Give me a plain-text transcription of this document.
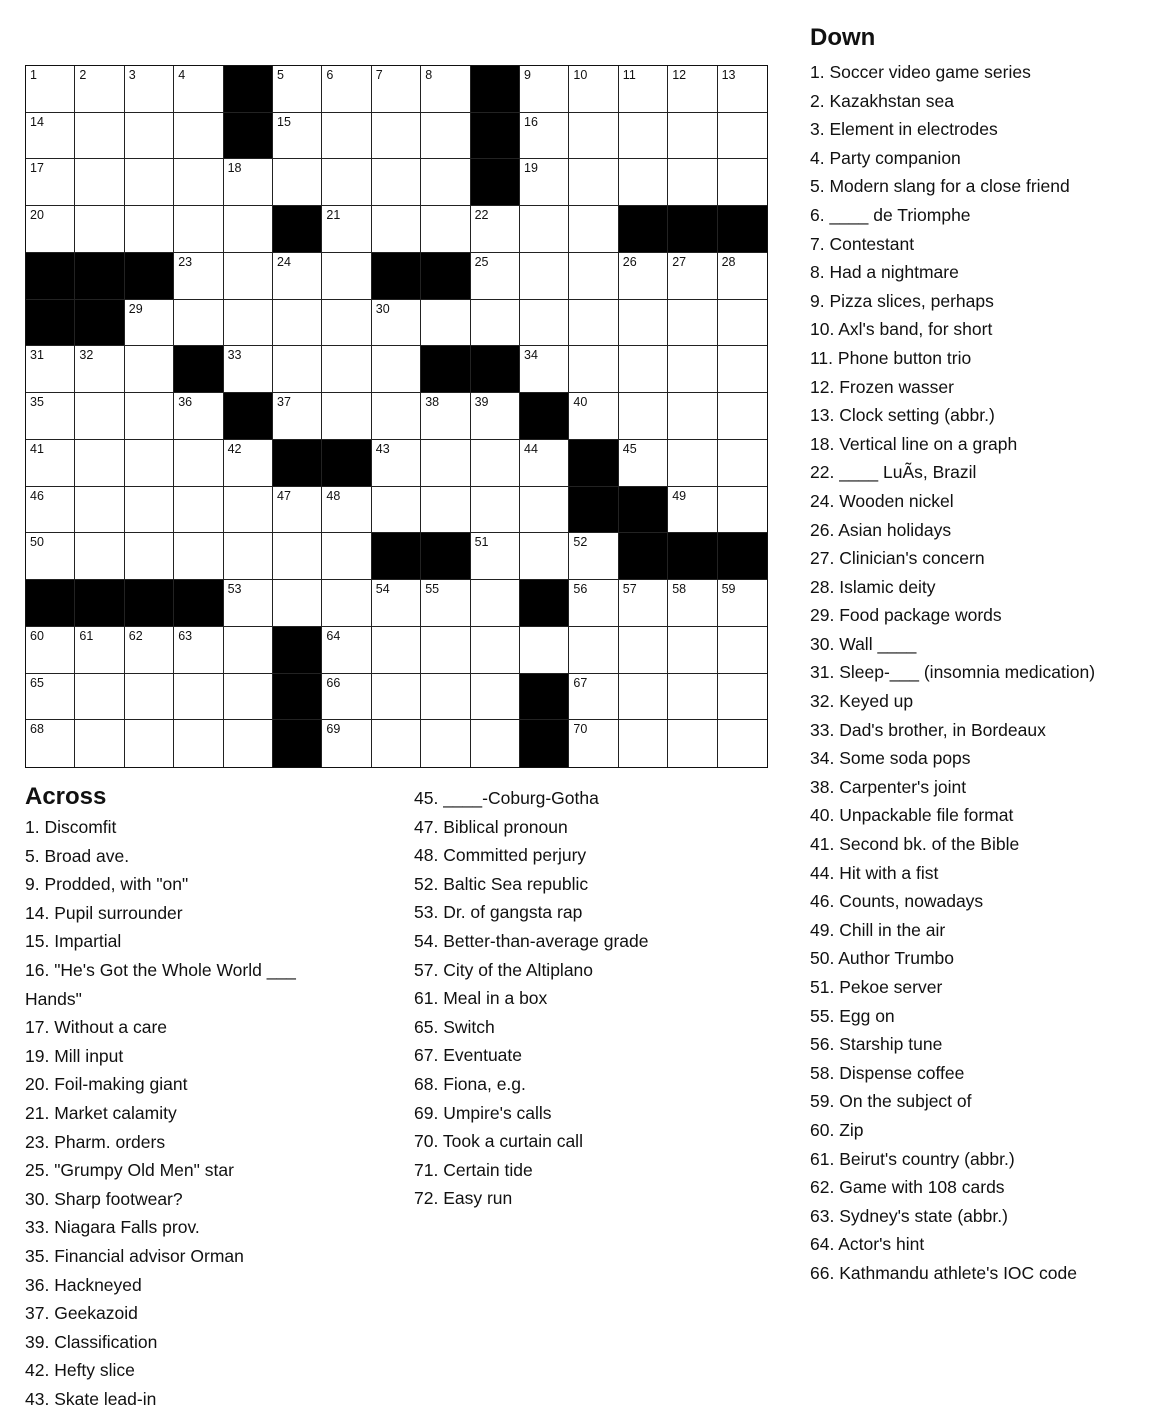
1	2	3	4	5	6	7	8	9	10	11	12	13
14	15	16
17	18	19
20	21	22
23	24	25	26	27	28
29	30
31	32	33	34
35	36	37	38	39	40
41	42	43	44	45
46	47	48	49
50	51	52
53	54	55	56	57	58	59
60	61	62	63	64
65	66	67
68	69	70
Across
1. Discomfit
5. Broad ave.
9. Prodded, with "on"
14. Pupil surrounder
15. Impartial
16. "He's Got the Whole World ___ Hands"
17. Without a care
19. Mill input
20. Foil-making giant
21. Market calamity
23. Pharm. orders
25. "Grumpy Old Men" star
30. Sharp footwear?
33. Niagara Falls prov.
35. Financial advisor Orman
36. Hackneyed
37. Geekazoid
39. Classification
42. Hefty slice
43. Skate lead-in
45. ____-Coburg-Gotha
47. Biblical pronoun
48. Committed perjury
52. Baltic Sea republic
53. Dr. of gangsta rap
54. Better-than-average grade
57. City of the Altiplano
61. Meal in a box
65. Switch
67. Eventuate
68. Fiona, e.g.
69. Umpire's calls
70. Took a curtain call
71. Certain tide
72. Easy run
Down
1. Soccer video game series
2. Kazakhstan sea
3. Element in electrodes
4. Party companion
5. Modern slang for a close friend
6. ____ de Triomphe
7. Contestant
8. Had a nightmare
9. Pizza slices, perhaps
10. Axl's band, for short
11. Phone button trio
12. Frozen wasser
13. Clock setting (abbr.)
18. Vertical line on a graph
22. ____ LuÃs, Brazil
24. Wooden nickel
26. Asian holidays
27. Clinician's concern
28. Islamic deity
29. Food package words
30. Wall ____
31. Sleep-___ (insomnia medication)
32. Keyed up
33. Dad's brother, in Bordeaux
34. Some soda pops
38. Carpenter's joint
40. Unpackable file format
41. Second bk. of the Bible
44. Hit with a fist
46. Counts, nowadays
49. Chill in the air
50. Author Trumbo
51. Pekoe server
55. Egg on
56. Starship tune
58. Dispense coffee
59. On the subject of
60. Zip
61. Beirut's country (abbr.)
62. Game with 108 cards
63. Sydney's state (abbr.)
64. Actor's hint
66. Kathmandu athlete's IOC code
